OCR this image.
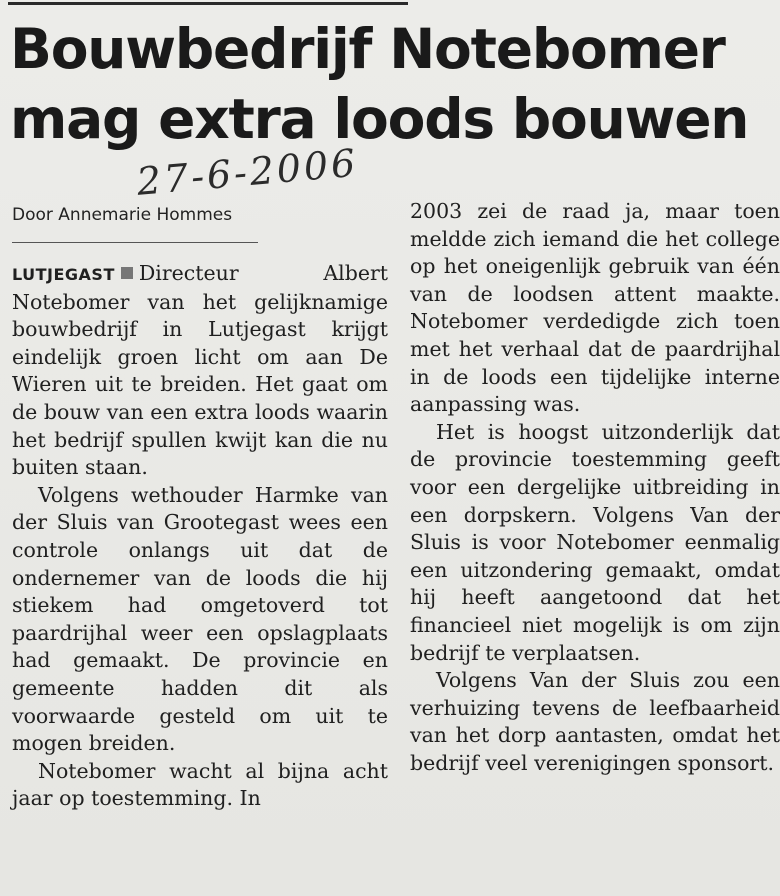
Bouwbedrijf Notebomer
mag extra loods bouwen
Door Annemarie Hommes
27-6-2006

LUTJEGAST Directeur Albert Notebomer van het gelijknamige bouwbedrijf in Lutjegast krijgt eindelijk groen licht om aan De Wieren uit te breiden. Het gaat om de bouw van een extra loods waarin het bedrijf spullen kwijt kan die nu buiten staan.

Volgens wethouder Harmke van der Sluis van Grootegast wees een controle onlangs uit dat de ondernemer van de loods die hij stiekem had omgetoverd tot paardrijhal weer een opslagplaats had gemaakt. De provincie en gemeente hadden dit als voorwaarde gesteld om uit te mogen breiden.

Notebomer wacht al bijna acht jaar op toestemming. In

2003 zei de raad ja, maar toen meldde zich iemand die het college op het oneigenlijk gebruik van één van de loodsen attent maakte. Notebomer verdedigde zich toen met het verhaal dat de paardrijhal in de loods een tijdelijke interne aanpassing was.

Het is hoogst uitzonderlijk dat de provincie toestemming geeft voor een dergelijke uitbreiding in een dorpskern. Volgens Van der Sluis is voor Notebomer eenmalig een uitzondering gemaakt, omdat hij heeft aangetoond dat het financieel niet mogelijk is om zijn bedrijf te verplaatsen.

Volgens Van der Sluis zou een verhuizing tevens de leefbaarheid van het dorp aantasten, omdat het bedrijf veel verenigingen sponsort.
